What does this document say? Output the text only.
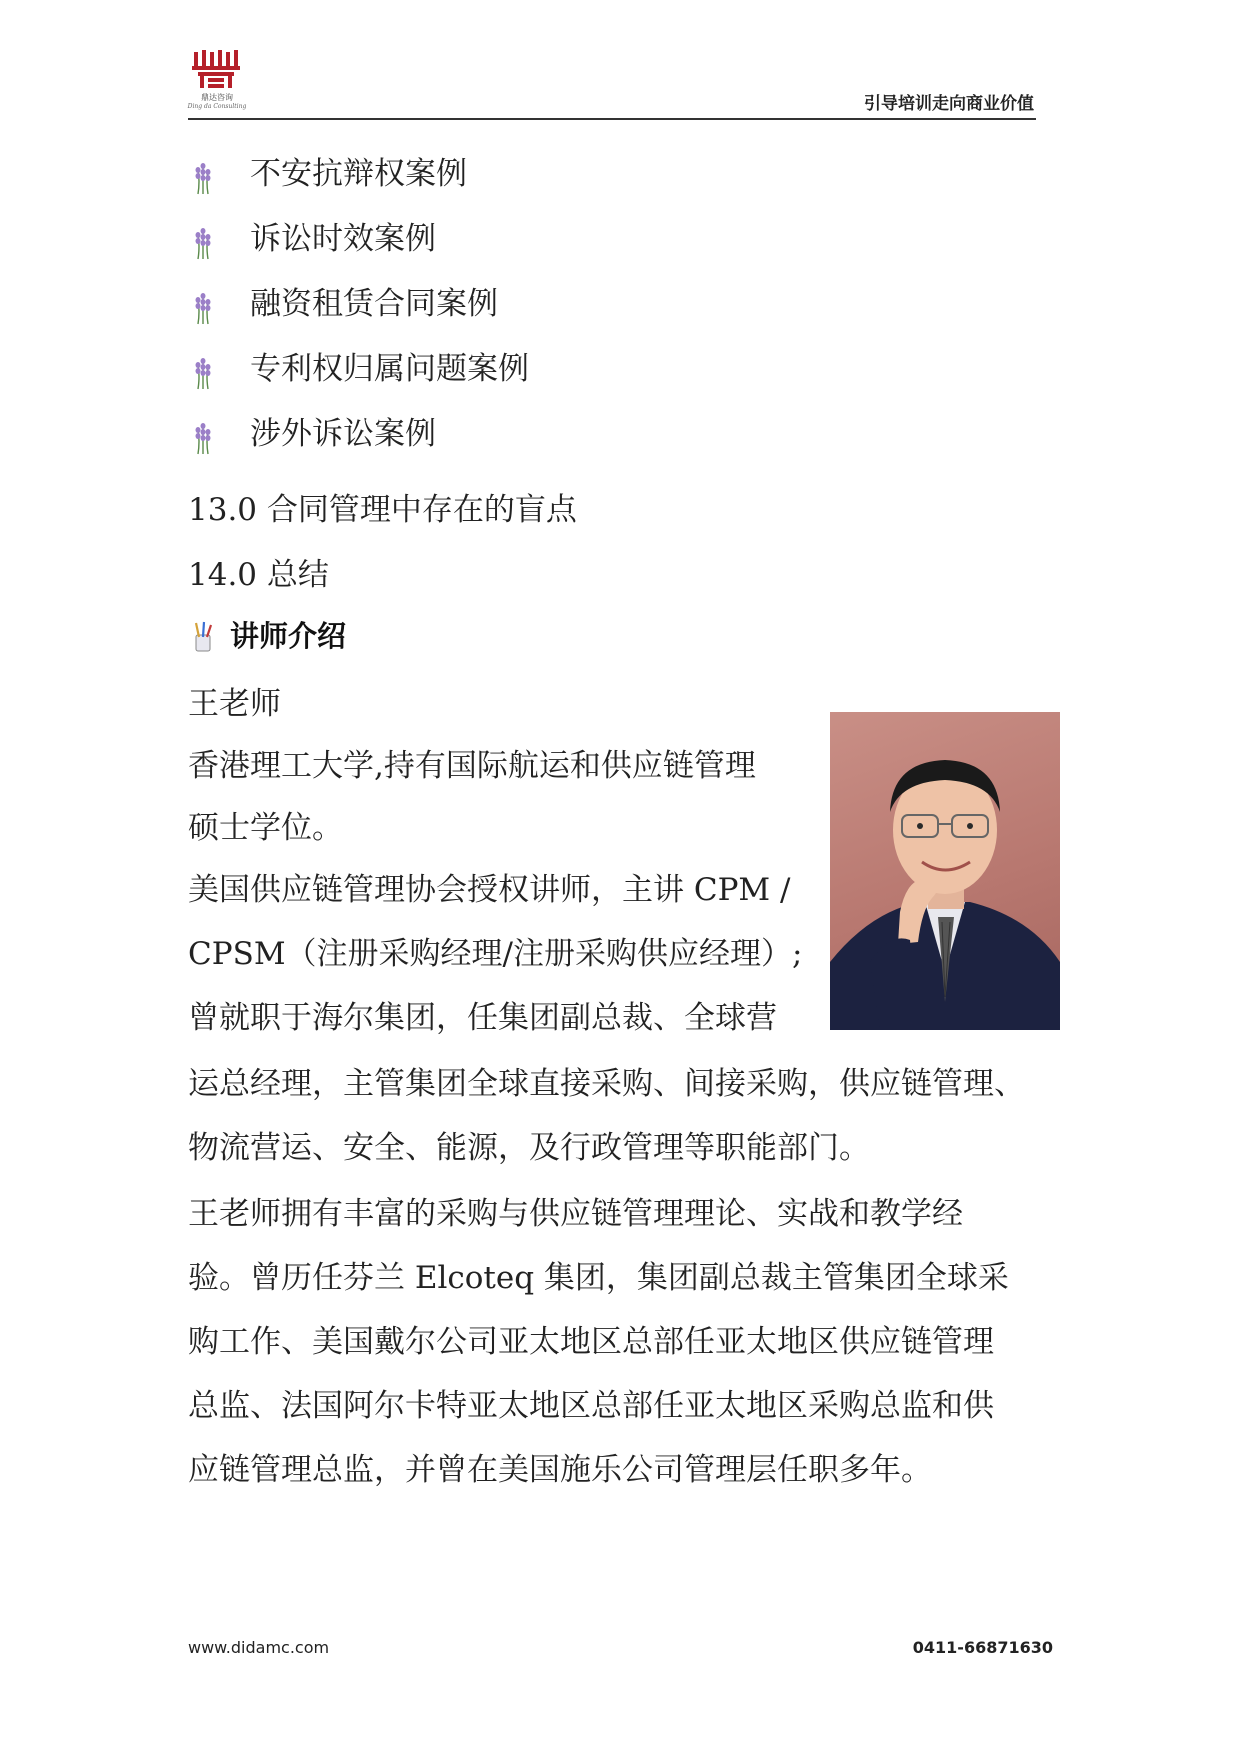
鼎达咨询
Ding da Consulting	引导培训走向商业价值
不安抗辩权案例
诉讼时效案例
融资租赁合同案例
专利权归属问题案例
涉外诉讼案例
13.0 合同管理中存在的盲点
14.0 总结
讲师介绍
王老师
香港理工大学,持有国际航运和供应链管理
硕士学位。
美国供应链管理协会授权讲师，主讲 CPM /
CPSM（注册采购经理/注册采购供应经理）;
曾就职于海尔集团，任集团副总裁、全球营
运总经理，主管集团全球直接采购、间接采购，供应链管理、
物流营运、安全、能源，及行政管理等职能部门。
王老师拥有丰富的采购与供应链管理理论、实战和教学经
验。曾历任芬兰 Elcoteq 集团，集团副总裁主管集团全球采
购工作、美国戴尔公司亚太地区总部任亚太地区供应链管理
总监、法国阿尔卡特亚太地区总部任亚太地区采购总监和供
应链管理总监，并曾在美国施乐公司管理层任职多年。
www.didamc.com	0411-66871630
